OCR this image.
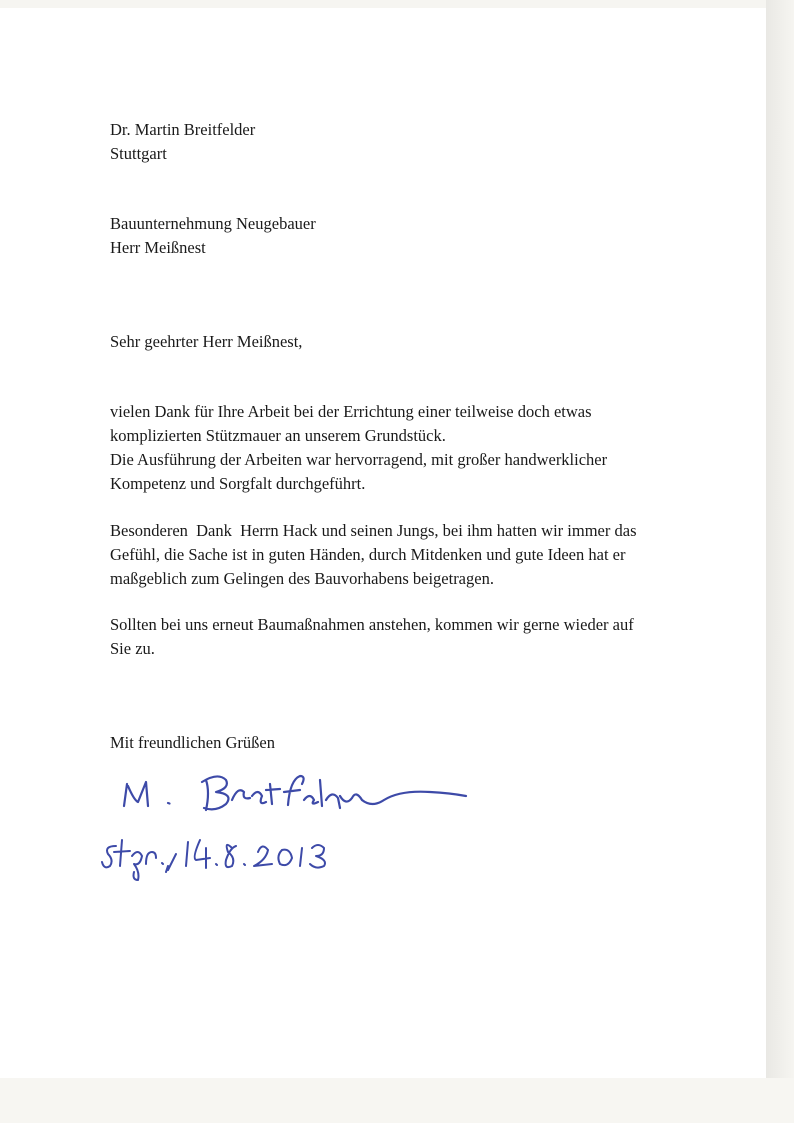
Dr. Martin Breitfelder

Stuttgart

Bauunternehmung Neugebauer

Herr Meißnest

Sehr geehrter Herr Meißnest,

vielen Dank für Ihre Arbeit bei der Errichtung einer teilweise doch etwas

komplizierten Stützmauer an unserem Grundstück.

Die Ausführung der Arbeiten war hervorragend, mit großer handwerklicher

Kompetenz und Sorgfalt durchgeführt.

Besonderen  Dank  Herrn Hack und seinen Jungs, bei ihm hatten wir immer das

Gefühl, die Sache ist in guten Händen, durch Mitdenken und gute Ideen hat er

maßgeblich zum Gelingen des Bauvorhabens beigetragen.

Sollten bei uns erneut Baumaßnahmen anstehen, kommen wir gerne wieder auf

Sie zu.

Mit freundlichen Grüßen
